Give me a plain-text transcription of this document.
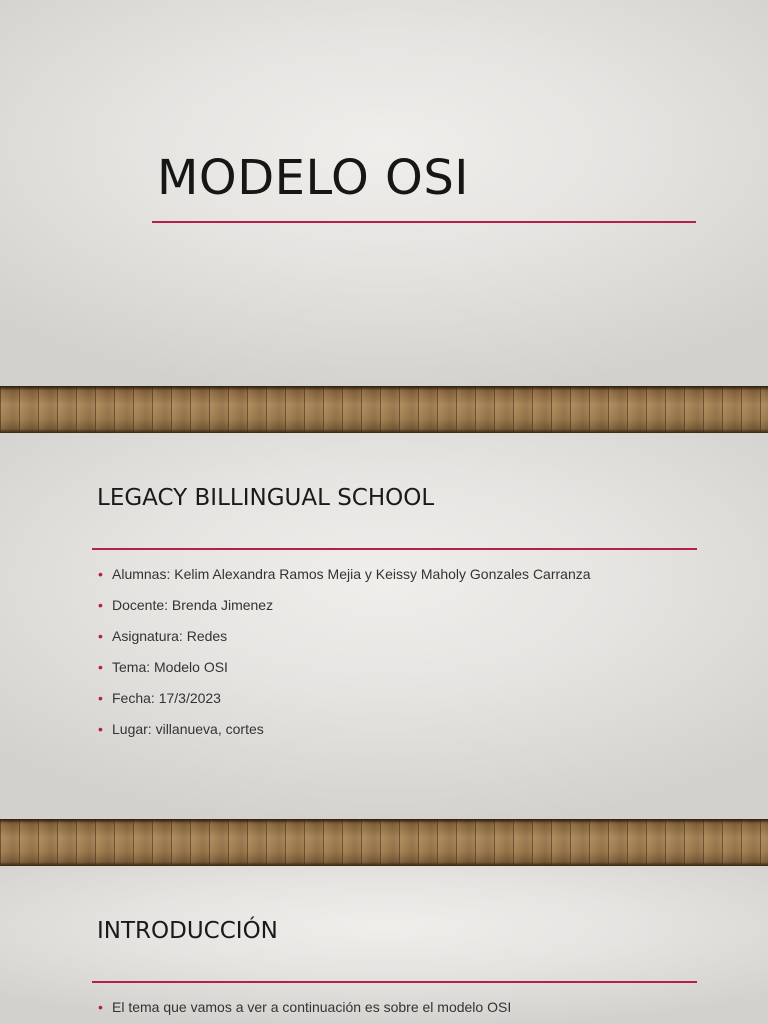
MODELO OSI
LEGACY BILLINGUAL SCHOOL
• Alumnas: Kelim Alexandra Ramos Mejia y Keissy Maholy Gonzales Carranza
• Docente: Brenda Jimenez
• Asignatura: Redes
• Tema: Modelo OSI
• Fecha: 17/3/2023
• Lugar: villanueva, cortes
INTRODUCCIÓN
• El tema que vamos a ver a continuación es sobre el modelo OSI
